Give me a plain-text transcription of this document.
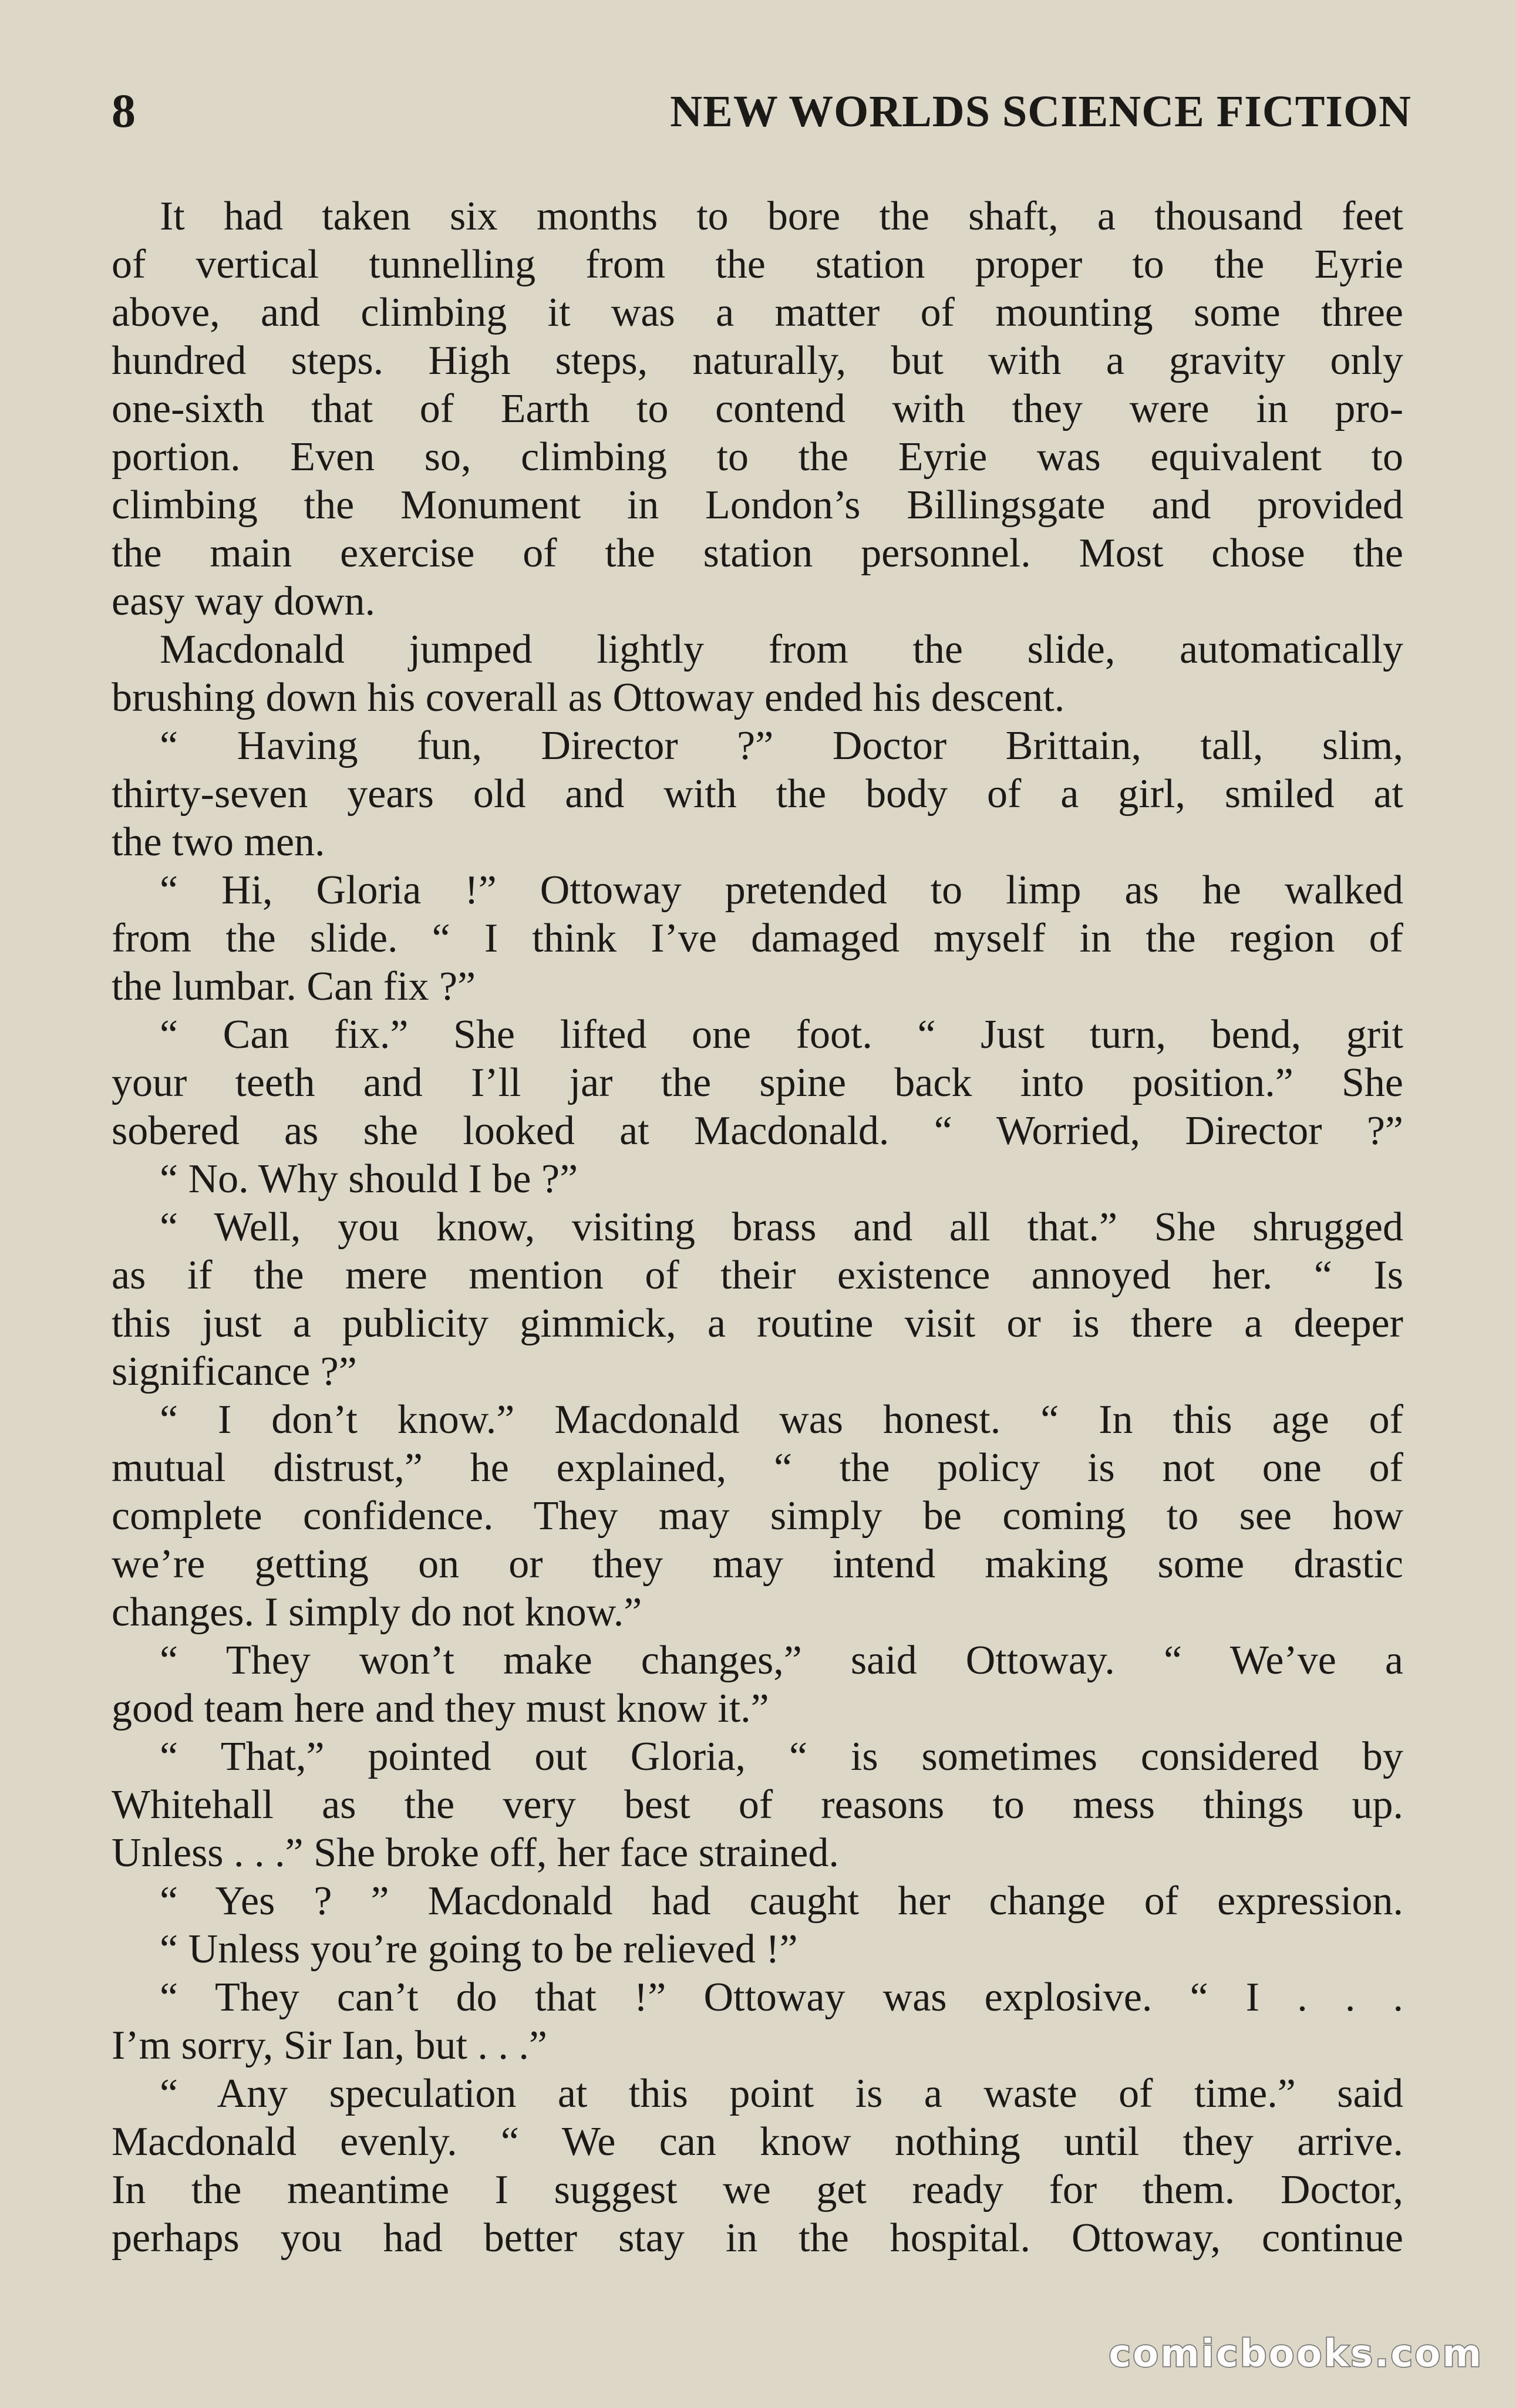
8	NEW WORLDS SCIENCE FICTION
It had taken six months to bore the shaft, a thousand feet
of vertical tunnelling from the station proper to the Eyrie
above, and climbing it was a matter of mounting some three
hundred steps. High steps, naturally, but with a gravity only
one-sixth that of Earth to contend with they were in pro-
portion. Even so, climbing to the Eyrie was equivalent to
climbing the Monument in London’s Billingsgate and provided
the main exercise of the station personnel. Most chose the
easy way down.
Macdonald jumped lightly from the slide, automatically
brushing down his coverall as Ottoway ended his descent.
“ Having fun, Director ?” Doctor Brittain, tall, slim,
thirty-seven years old and with the body of a girl, smiled at
the two men.
“ Hi, Gloria !” Ottoway pretended to limp as he walked
from the slide. “ I think I’ve damaged myself in the region of
the lumbar. Can fix ?”
“ Can fix.” She lifted one foot. “ Just turn, bend, grit
your teeth and I’ll jar the spine back into position.” She
sobered as she looked at Macdonald. “ Worried, Director ?”
“ No. Why should I be ?”
“ Well, you know, visiting brass and all that.” She shrugged
as if the mere mention of their existence annoyed her. “ Is
this just a publicity gimmick, a routine visit or is there a deeper
significance ?”
“ I don’t know.” Macdonald was honest. “ In this age of
mutual distrust,” he explained, “ the policy is not one of
complete confidence. They may simply be coming to see how
we’re getting on or they may intend making some drastic
changes. I simply do not know.”
“ They won’t make changes,” said Ottoway. “ We’ve a
good team here and they must know it.”
“ That,” pointed out Gloria, “ is sometimes considered by
Whitehall as the very best of reasons to mess things up.
Unless . . .” She broke off, her face strained.
“ Yes ? ” Macdonald had caught her change of expression.
“ Unless you’re going to be relieved !”
“ They can’t do that !” Ottoway was explosive. “ I . . .
I’m sorry, Sir Ian, but . . .”
“ Any speculation at this point is a waste of time.” said
Macdonald evenly. “ We can know nothing until they arrive.
In the meantime I suggest we get ready for them. Doctor,
perhaps you had better stay in the hospital. Ottoway, continue
comicbooks.com
